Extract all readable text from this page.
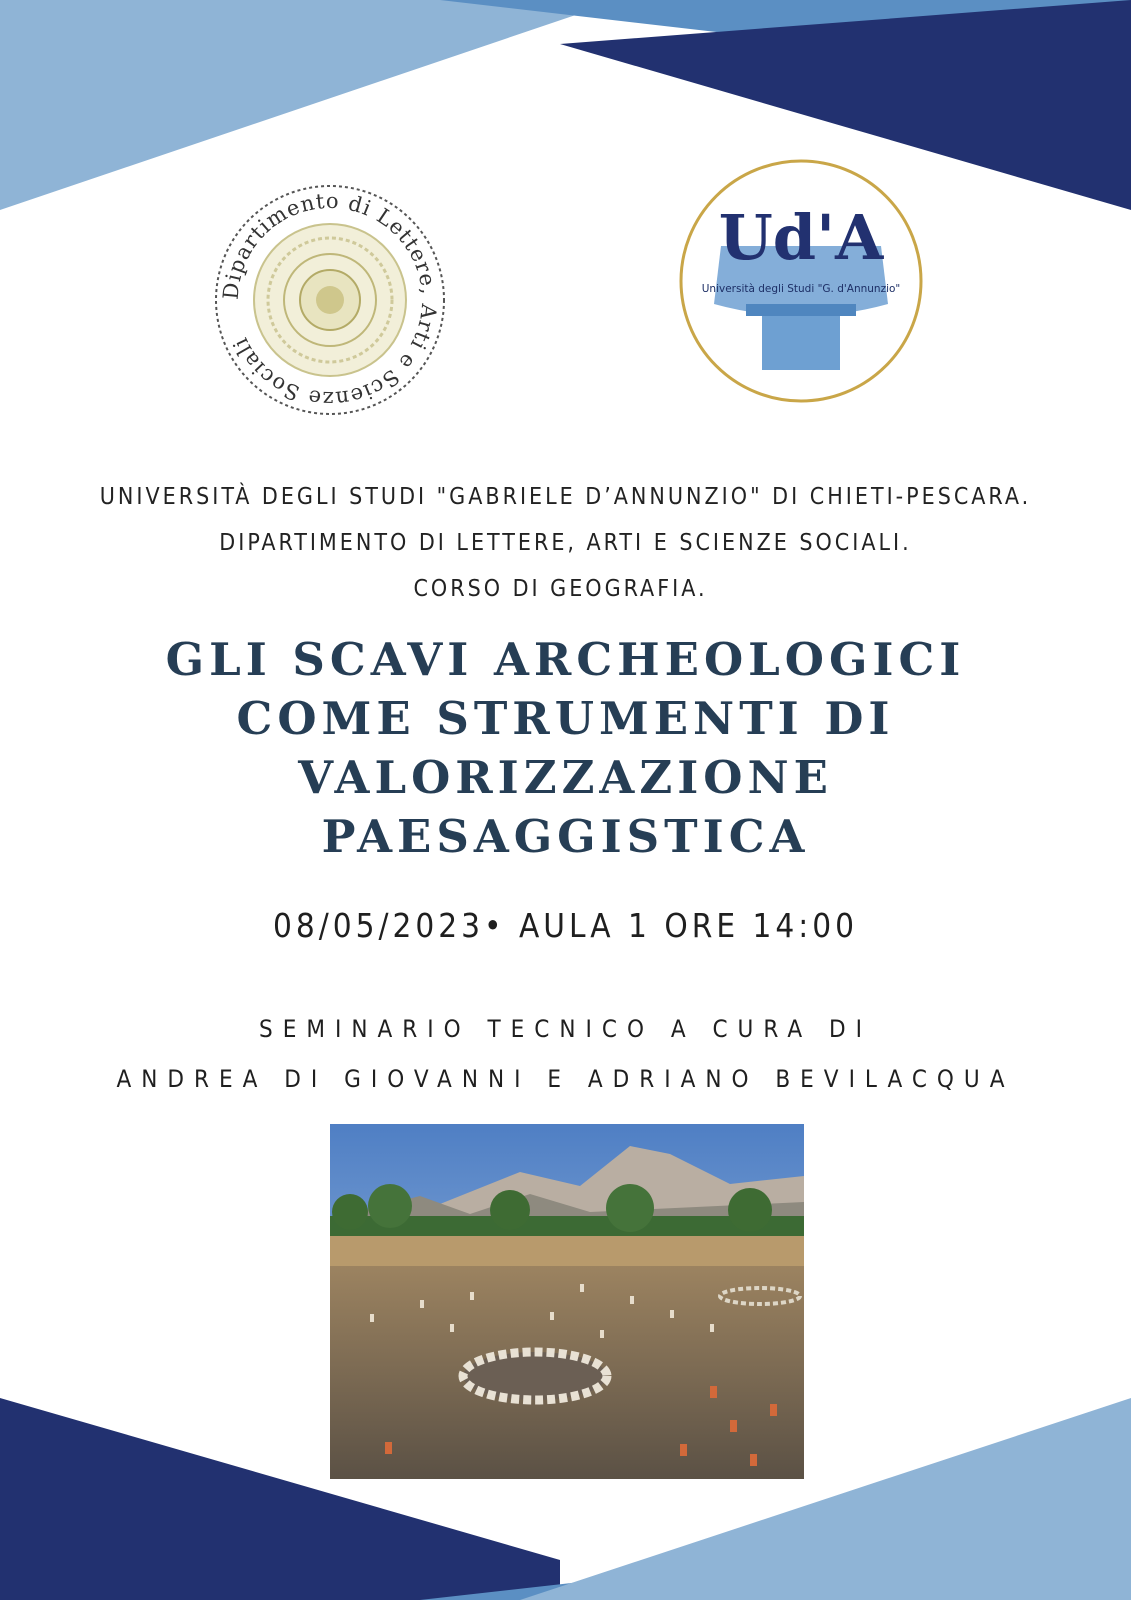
Dipartimento di Lettere, Arti e Scienze Sociali
Ud'A
Università degli Studi "G. d'Annunzio"
UNIVERSITÀ DEGLI STUDI "GABRIELE D’ANNUNZIO" DI CHIETI-PESCARA.
DIPARTIMENTO DI LETTERE, ARTI E SCIENZE SOCIALI.
CORSO DI GEOGRAFIA.
GLI SCAVI ARCHEOLOGICI
COME STRUMENTI DI
VALORIZZAZIONE
PAESAGGISTICA
08/05/2023• AULA 1 ORE 14:00
SEMINARIO TECNICO A CURA DI
ANDREA DI GIOVANNI E ADRIANO BEVILACQUA
